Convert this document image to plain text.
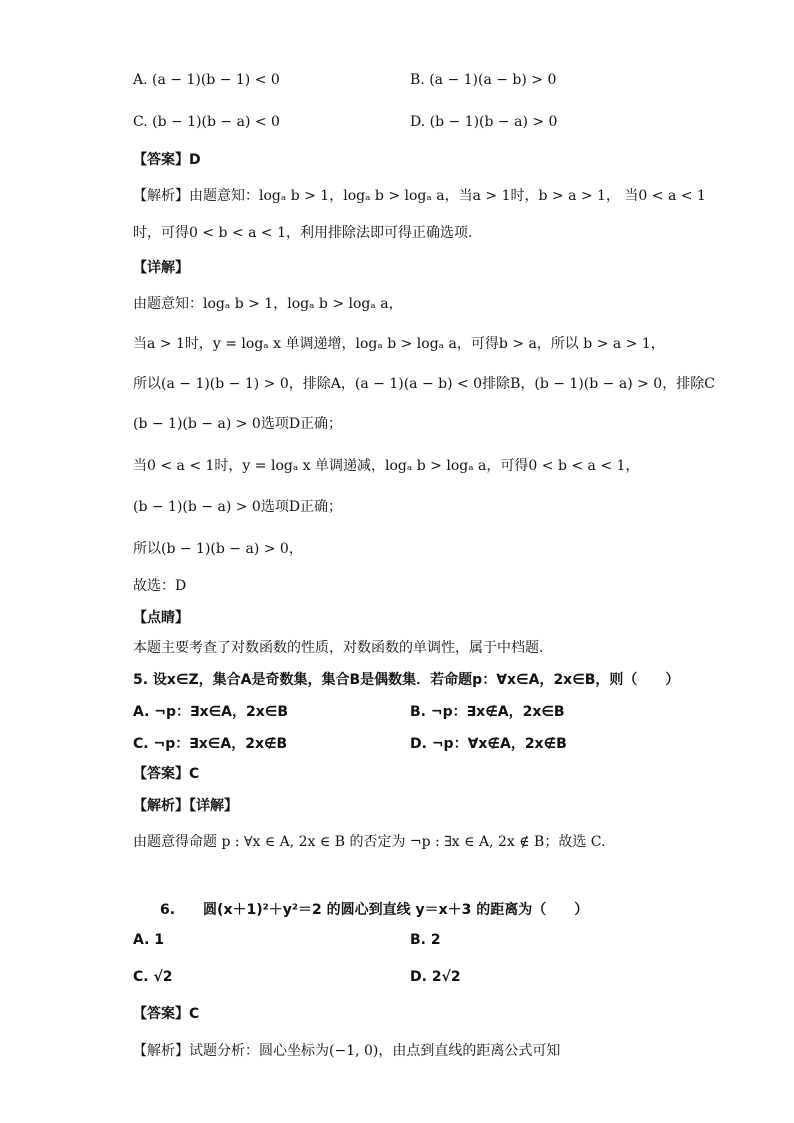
A. (a − 1)(b − 1) < 0
C. (b − 1)(b − a) < 0
【答案】D
【解析】由题意知：logₐ b > 1，logₐ b > logₐ a，当a > 1时，b > a > 1， 当0 < a < 1
时，可得0 < b < a < 1，利用排除法即可得正确选项.
【详解】
由题意知：logₐ b > 1，logₐ b > logₐ a，
当a > 1时，y = logₐ x 单调递增，logₐ b > logₐ a，可得b > a，所以 b > a > 1，
所以(a − 1)(b − 1) > 0，排除A，(a − 1)(a − b) < 0排除B，(b − 1)(b − a) > 0，排除C
(b − 1)(b − a) > 0选项D正确；
当0 < a < 1时，y = logₐ x 单调递减，logₐ b > logₐ a，可得0 < b < a < 1，
(b − 1)(b − a) > 0选项D正确；
所以(b − 1)(b − a) > 0，
故选：D
【点睛】
本题主要考查了对数函数的性质，对数函数的单调性，属于中档题.
5. 设x∈Z，集合A是奇数集，集合B是偶数集．若命题p：∀x∈A，2x∈B，则（　　）
A. ¬p：∃x∈A，2x∈B
C. ¬p：∃x∈A，2x∉B
【答案】C
【解析】【详解】
由题意得命题 p : ∀x ∈ A, 2x ∈ B 的否定为 ¬p : ∃x ∈ A, 2x ∉ B；故选 C.
6.　　圆(x＋1)²＋y²＝2 的圆心到直线 y＝x＋3 的距离为（　　）
A. 1
C. √2
【答案】C
【解析】试题分析：圆心坐标为(−1, 0)，由点到直线的距离公式可知
B. (a − 1)(a − b) > 0
D. (b − 1)(b − a) > 0
B. ¬p：∃x∉A，2x∈B
D. ¬p：∀x∉A，2x∉B
B. 2
D. 2√2
